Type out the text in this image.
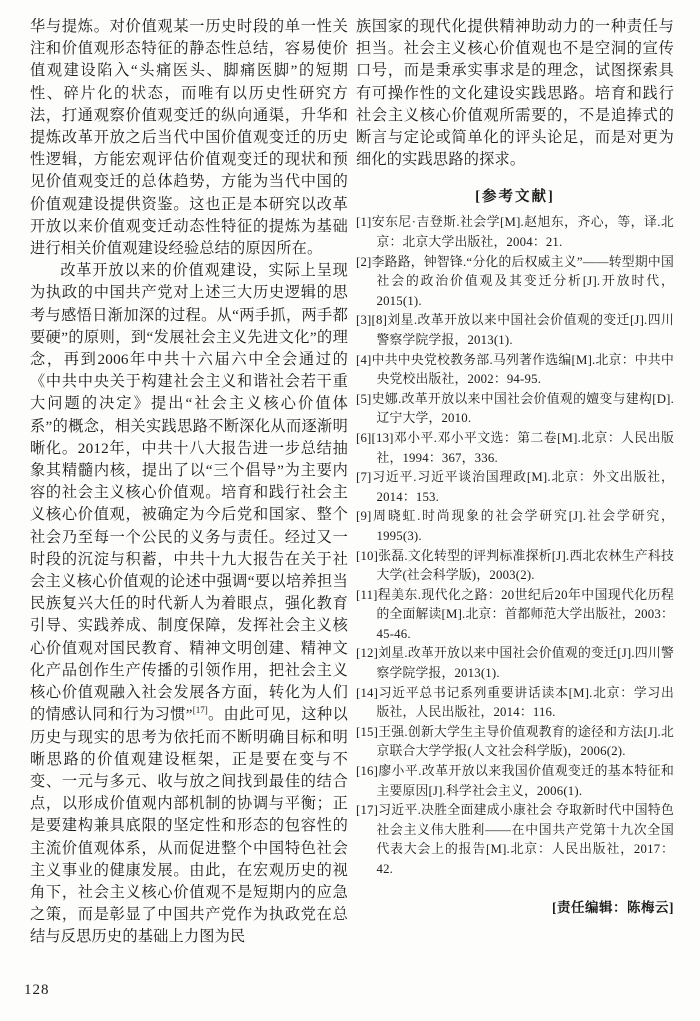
华与提炼。对价值观某一历史时段的单一性关注和价值观形态特征的静态性总结，容易使价值观建设陷入“头痛医头、脚痛医脚”的短期性、碎片化的状态，而唯有以历史性研究方法，打通观察价值观变迁的纵向通渠，升华和提炼改革开放之后当代中国价值观变迁的历史性逻辑，方能宏观评估价值观变迁的现状和预见价值观变迁的总体趋势，方能为当代中国的价值观建设提供资鉴。这也正是本研究以改革开放以来价值观变迁动态性特征的提炼为基础进行相关价值观建设经验总结的原因所在。

改革开放以来的价值观建设，实际上呈现为执政的中国共产党对上述三大历史逻辑的思考与感悟日渐加深的过程。从“两手抓，两手都要硬”的原则，到“发展社会主义先进文化”的理念，再到2006年中共十六届六中全会通过的《中共中央关于构建社会主义和谐社会若干重大问题的决定》提出“社会主义核心价值体系”的概念，相关实践思路不断深化从而逐渐明晰化。2012年，中共十八大报告进一步总结抽象其精髓内核，提出了以“三个倡导”为主要内容的社会主义核心价值观。培育和践行社会主义核心价值观，被确定为今后党和国家、整个社会乃至每一个公民的义务与责任。经过又一时段的沉淀与积蓄，中共十九大报告在关于社会主义核心价值观的论述中强调“要以培养担当民族复兴大任的时代新人为着眼点，强化教育引导、实践养成、制度保障，发挥社会主义核心价值观对国民教育、精神文明创建、精神文化产品创作生产传播的引领作用，把社会主义核心价值观融入社会发展各方面，转化为人们的情感认同和行为习惯”[17]。由此可见，这种以历史与现实的思考为依托而不断明确目标和明晰思路的价值观建设框架，正是要在变与不变、一元与多元、收与放之间找到最佳的结合点，以形成价值观内部机制的协调与平衡；正是要建构兼具底限的坚定性和形态的包容性的主流价值观体系，从而促进整个中国特色社会主义事业的健康发展。由此，在宏观历史的视角下，社会主义核心价值观不是短期内的应急之策，而是彰显了中国共产党作为执政党在总结与反思历史的基础上力图为民

族国家的现代化提供精神助动力的一种责任与担当。社会主义核心价值观也不是空洞的宣传口号，而是秉承实事求是的理念，试图探索具有可操作性的文化建设实践思路。培育和践行社会主义核心价值观所需要的，不是追捧式的断言与定论或简单化的评头论足，而是对更为细化的实践思路的探求。

[参考文献]

[1]安东尼·吉登斯.社会学[M].赵旭东，齐心，等，译.北京：北京大学出版社，2004：21.

[2]李路路，钟智锋.“分化的后权威主义”——转型期中国社会的政治价值观及其变迁分析[J].开放时代，2015(1).

[3][8]刘星.改革开放以来中国社会价值观的变迁[J].四川警察学院学报，2013(1).

[4]中共中央党校教务部.马列著作选编[M].北京：中共中央党校出版社，2002：94-95.

[5]史娜.改革开放以来中国社会价值观的嬗变与建构[D].辽宁大学，2010.

[6][13]邓小平.邓小平文选：第二卷[M].北京：人民出版社，1994：367，336.

[7]习近平.习近平谈治国理政[M].北京：外文出版社，2014：153.

[9]周晓虹.时尚现象的社会学研究[J].社会学研究，1995(3).

[10]张磊.文化转型的评判标准探析[J].西北农林生产科技大学(社会科学版)，2003(2).

[11]程美东.现代化之路：20世纪后20年中国现代化历程的全面解读[M].北京：首都师范大学出版社，2003：45-46.

[12]刘星.改革开放以来中国社会价值观的变迁[J].四川警察学院学报，2013(1).

[14]习近平总书记系列重要讲话读本[M].北京：学习出版社，人民出版社，2014：116.

[15]王强.创新大学生主导价值观教育的途径和方法[J].北京联合大学学报(人文社会科学版)，2006(2).

[16]廖小平.改革开放以来我国价值观变迁的基本特征和主要原因[J].科学社会主义，2006(1).

[17]习近平.决胜全面建成小康社会 夺取新时代中国特色社会主义伟大胜利——在中国共产党第十九次全国代表大会上的报告[M].北京：人民出版社，2017：42.

[责任编辑：陈梅云]
128
